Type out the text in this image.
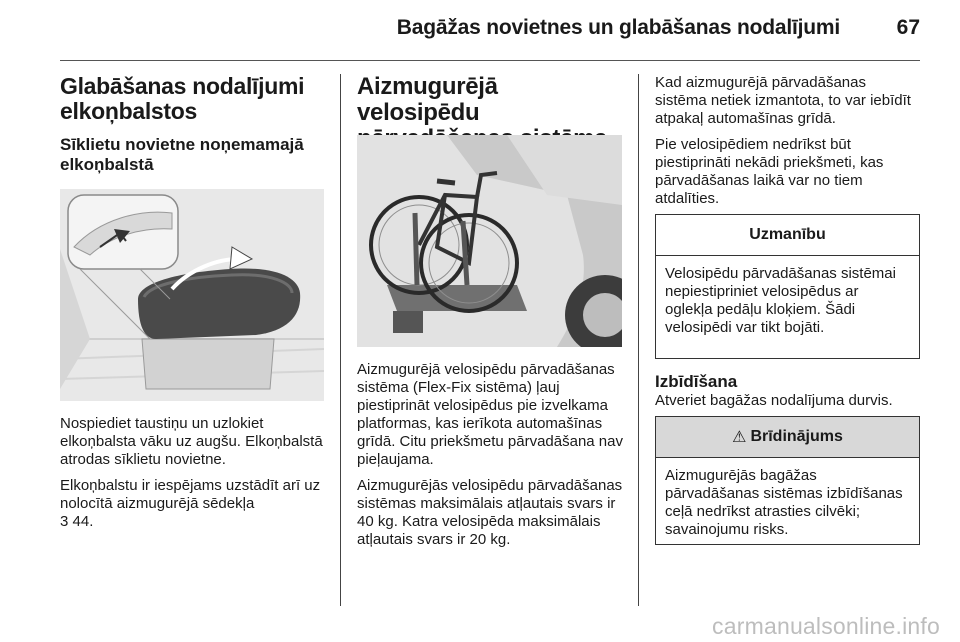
Bagāžas novietnes un glabāšanas nodalījumi	67
Glabāšanas nodalījumi elkoņbalstos
Sīklietu novietne noņemamajā elkoņbalstā

Nospiediet taustiņu un uzlokiet elkoņbalsta vāku uz augšu. Elkoņbalstā atrodas sīklietu novietne.

Elkoņbalstu ir iespējams uzstādīt arī uz nolocītā aizmugurējā sēdekļa
3 44.

Aizmugurējā velosipēdu

Aizmugurējā velosipēdu pārvadāšanas sistēma (Flex-Fix sistēma) ļauj piestiprināt velosipēdus pie izvelkama platformas, kas ierīkota automašīnas grīdā. Citu priekšmetu pārvadāšana nav pieļaujama.

Aizmugurējās velosipēdu pārvadāšanas sistēmas maksimālais atļautais svars ir 40 kg. Katra velosipēda maksimālais atļautais svars ir 20 kg.

Kad aizmugurējā pārvadāšanas sistēma netiek izmantota, to var iebīdīt atpakaļ automašīnas grīdā.

Pie velosipēdiem nedrīkst būt piestiprināti nekādi priekšmeti, kas pārvadāšanas laikā var no tiem atdalīties.

Uzmanību
Velosipēdu pārvadāšanas sistēmai nepiestipriniet velosipēdus ar oglekļa pedāļu kloķiem. Šādi velosipēdi var tikt bojāti.
Izbīdīšana

Atveriet bagāžas nodalījuma durvis.

⚠ Brīdinājums
Aizmugurējās bagāžas pārvadāšanas sistēmas izbīdīšanas ceļā nedrīkst atrasties cilvēki; savainojumu risks.
carmanualsonline.info
